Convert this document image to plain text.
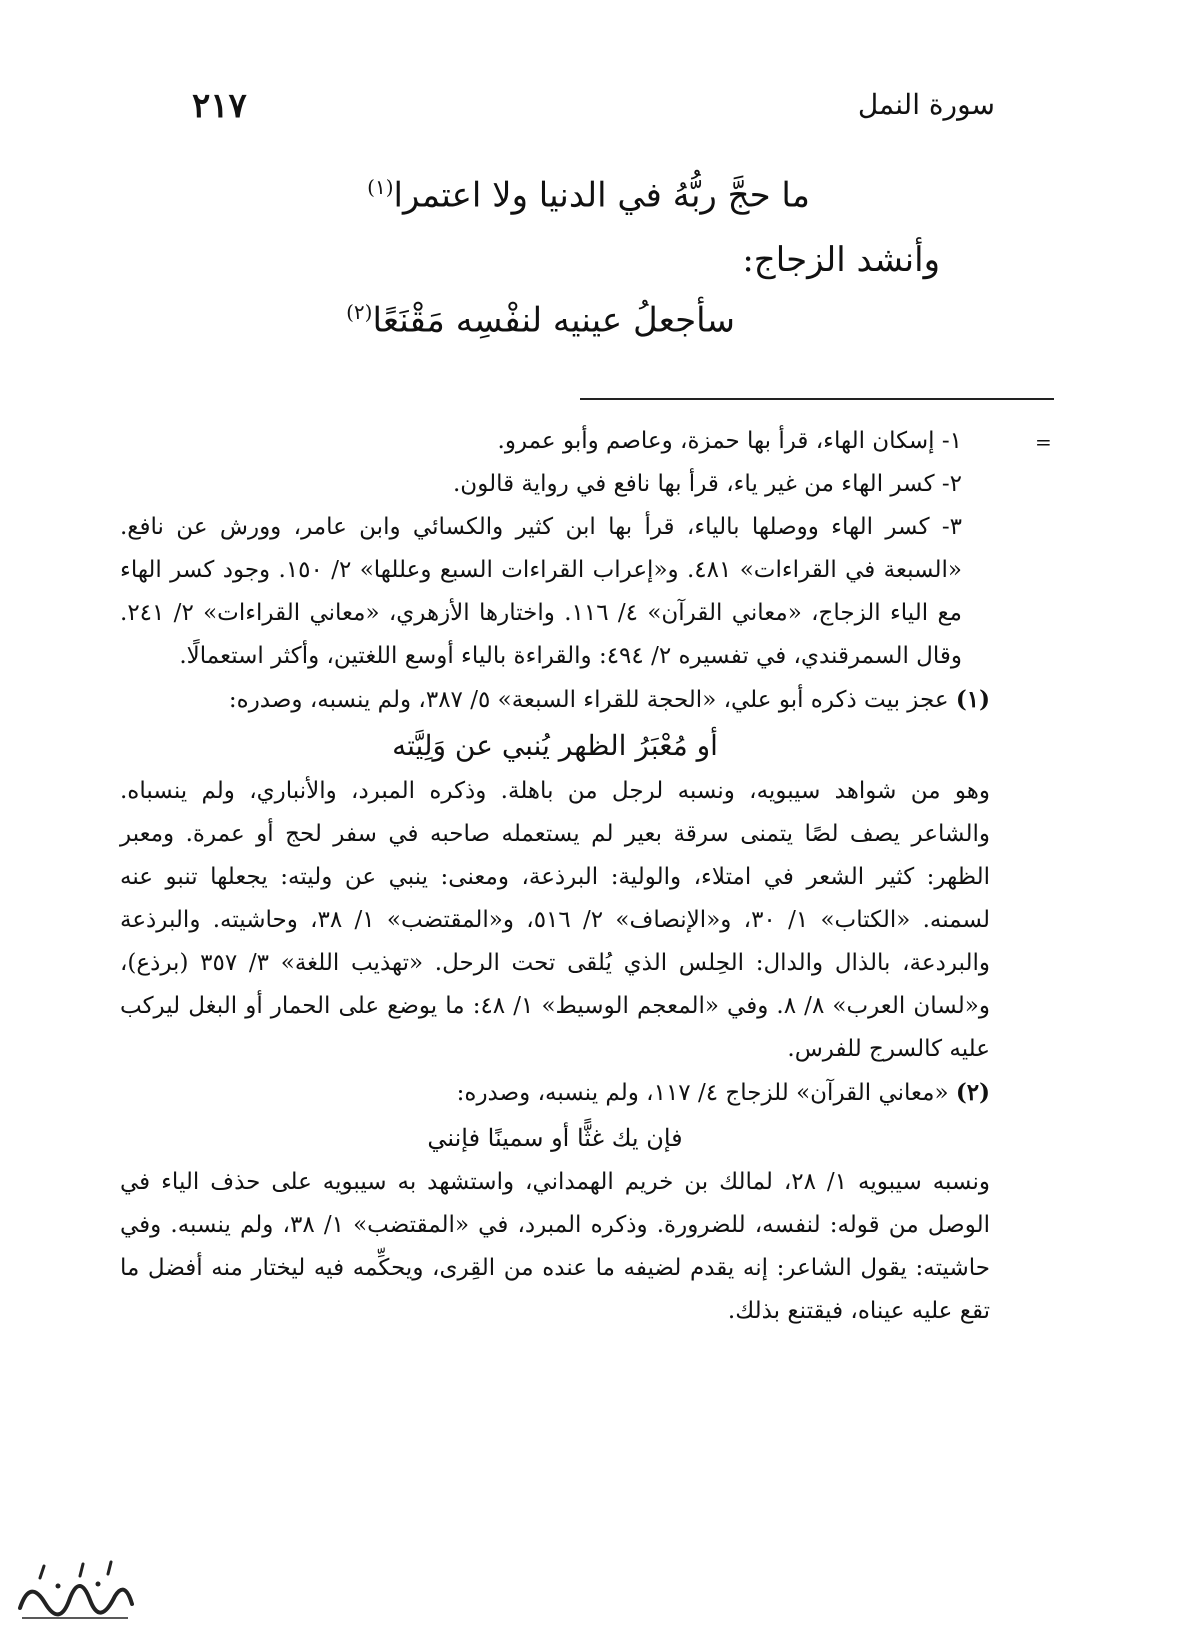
سورة النمل
٢١٧
ما حجَّ ربُّهُ في الدنيا ولا اعتمرا$^{(١)}$
وأنشد الزجاج:
سأجعلُ عينيه لنفْسِه مَقْنَعًا$^{(٢)}$
=

١- إسكان الهاء، قرأ بها حمزة، وعاصم وأبو عمرو.

٢- كسر الهاء من غير ياء، قرأ بها نافع في رواية قالون.

٣- كسر الهاء ووصلها بالياء، قرأ بها ابن كثير والكسائي وابن عامر، وورش عن نافع. «السبعة في القراءات» ٤٨١. و«إعراب القراءات السبع وعللها» ٢/ ١٥٠. وجود كسر الهاء مع الياء الزجاج، «معاني القرآن» ٤/ ١١٦. واختارها الأزهري، «معاني القراءات» ٢/ ٢٤١. وقال السمرقندي، في تفسيره ٢/ ٤٩٤: والقراءة بالياء أوسع اللغتين، وأكثر استعمالًا.

(١) عجز بيت ذكره أبو علي، «الحجة للقراء السبعة» ٥/ ٣٨٧، ولم ينسبه، وصدره:

أو مُعْبَرُ الظهر يُنبي عن وَلِيَّته

وهو من شواهد سيبويه، ونسبه لرجل من باهلة. وذكره المبرد، والأنباري، ولم ينسباه. والشاعر يصف لصًا يتمنى سرقة بعير لم يستعمله صاحبه في سفر لحج أو عمرة. ومعبر الظهر: كثير الشعر في امتلاء، والولية: البرذعة، ومعنى: ينبي عن وليته: يجعلها تنبو عنه لسمنه. «الكتاب» ١/ ٣٠، و«الإنصاف» ٢/ ٥١٦، و«المقتضب» ١/ ٣٨، وحاشيته. والبرذعة والبردعة، بالذال والدال: الحِلس الذي يُلقى تحت الرحل. «تهذيب اللغة» ٣/ ٣٥٧ (برذع)، و«لسان العرب» ٨/ ٨. وفي «المعجم الوسيط» ١/ ٤٨: ما يوضع على الحمار أو البغل ليركب عليه كالسرج للفرس.

(٢) «معاني القرآن» للزجاج ٤/ ١١٧، ولم ينسبه، وصدره:

فإن يك غثًّا أو سمينًا فإنني

ونسبه سيبويه ١/ ٢٨، لمالك بن خريم الهمداني، واستشهد به سيبويه على حذف الياء في الوصل من قوله: لنفسه، للضرورة. وذكره المبرد، في «المقتضب» ١/ ٣٨، ولم ينسبه. وفي حاشيته: يقول الشاعر: إنه يقدم لضيفه ما عنده من القِرى، ويحكِّمه فيه ليختار منه أفضل ما تقع عليه عيناه، فيقتنع بذلك.
